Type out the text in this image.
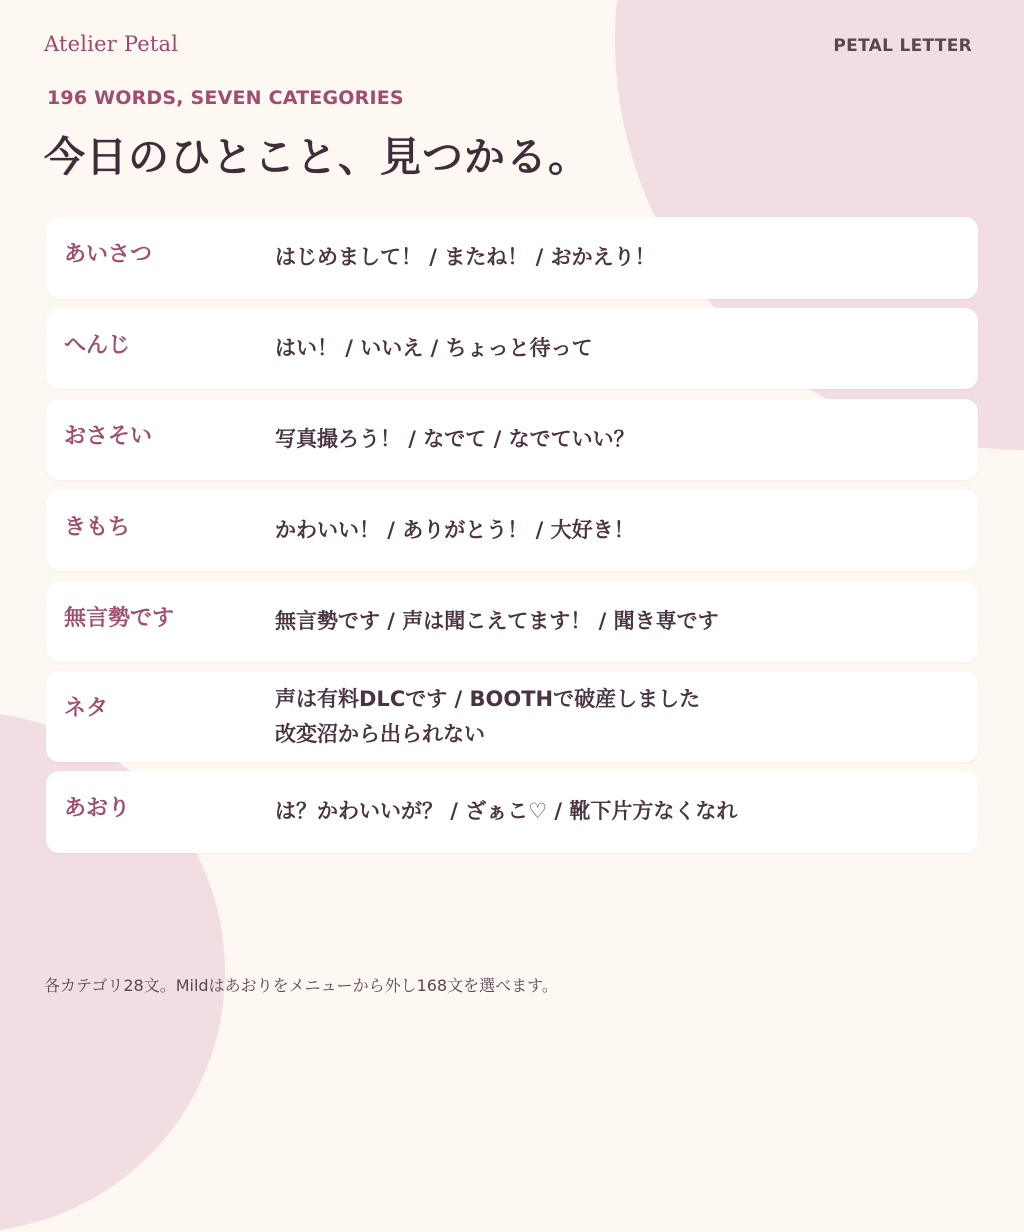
Atelier Petal	PETAL LETTER
196 WORDS, SEVEN CATEGORIES
今日のひとこと、見つかる。
あいさつ	はじめまして！ / またね！ / おかえり！
へんじ	はい！ / いいえ / ちょっと待って
おさそい	写真撮ろう！ / なでて / なでていい？
きもち	かわいい！ / ありがとう！ / 大好き！
無言勢です	無言勢です / 声は聞こえてます！ / 聞き専です
ネタ	声は有料DLCです / BOOTHで破産しました
改変沼から出られない
あおり	は？かわいいが？ / ざぁこ♡ / 靴下片方なくなれ
各カテゴリ28文。Mildはあおりをメニューから外し168文を選べます。
